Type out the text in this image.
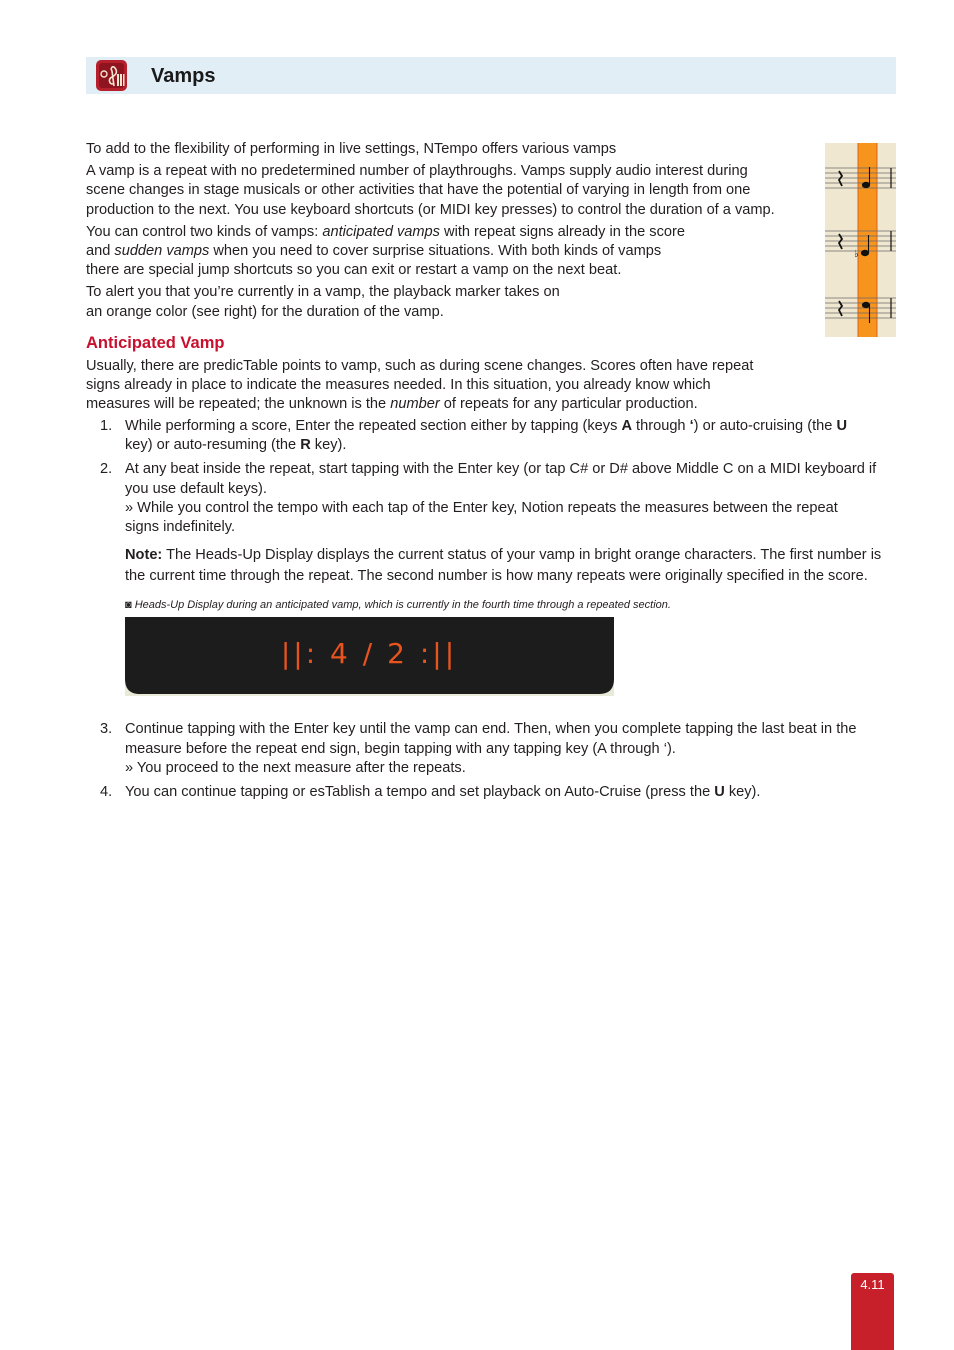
Vamps

To add to the flexibility of performing in live settings, NTempo offers various vamps

A vamp is a repeat with no predetermined number of playthroughs. Vamps supply audio interest during
scene changes in stage musicals or other activities that have the potential of varying in length from one
production to the next. You use keyboard shortcuts (or MIDI key presses) to control the duration of a vamp.

You can control two kinds of vamps: anticipated vamps with repeat signs already in the score
and sudden vamps when you need to cover surprise situations. With both kinds of vamps
there are special jump shortcuts so you can exit or restart a vamp on the next beat.

To alert you that you’re currently in a vamp, the playback marker takes on
an orange color (see right) for the duration of the vamp.

♭
Anticipated Vamp

Usually, there are predicTable points to vamp, such as during scene changes. Scores often have repeat
signs already in place to indicate the measures needed. In this situation, you already know which
measures will be repeated; the unknown is the number of repeats for any particular production.

1. While performing a score, Enter the repeated section either by tapping (keys A through ‘) or auto-cruising (the U
key) or auto-resuming (the R key).

2. At any beat inside the repeat, start tapping with the Enter key (or tap C# or D# above Middle C on a MIDI keyboard if
you use default keys).
» While you control the tempo with each tap of the Enter key, Notion repeats the measures between the repeat
signs indefinitely.

Note: The Heads-Up Display displays the current status of your vamp in bright orange characters. The first number is
the current time through the repeat. The second number is how many repeats were originally specified in the score.

◙ Heads-Up Display during an anticipated vamp, which is currently in the fourth time through a repeated section.

||: 4 / 2 :||
3. Continue tapping with the Enter key until the vamp can end. Then, when you complete tapping the last beat in the
measure before the repeat end sign, begin tapping with any tapping key (A through ‘).
» You proceed to the next measure after the repeats.

4. You can continue tapping or esTablish a tempo and set playback on Auto-Cruise (press the U key).

4.11
